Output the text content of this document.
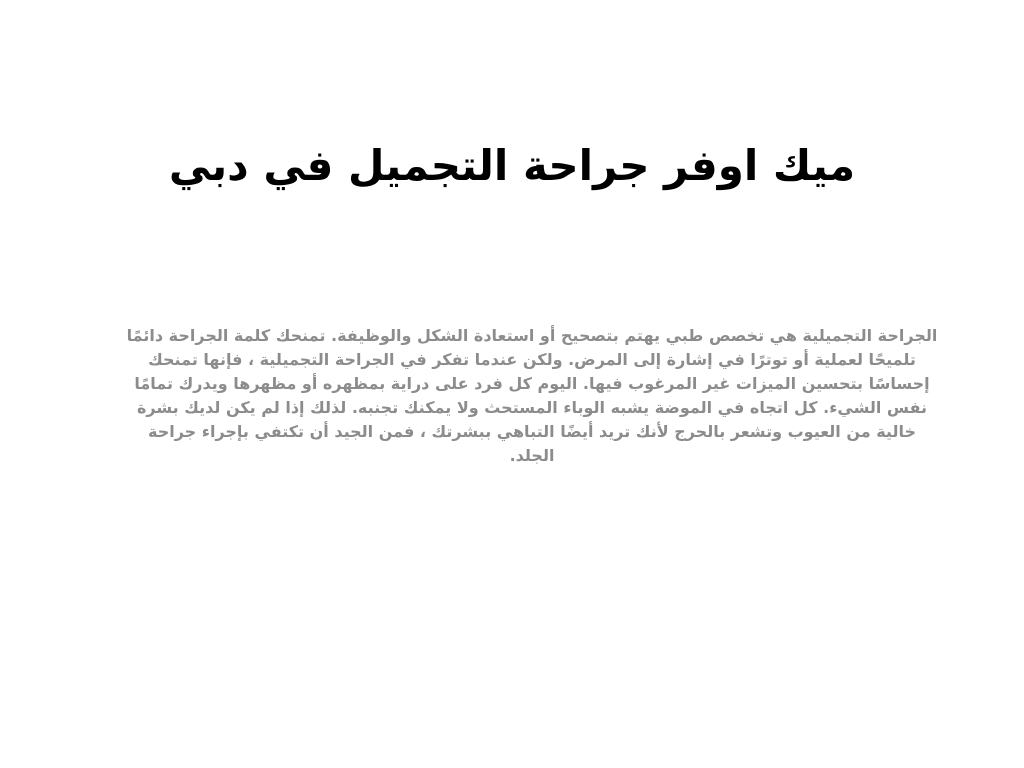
ميك اوفر جراحة التجميل في دبي

الجراحة التجميلية هي تخصص طبي يهتم بتصحيح أو استعادة الشكل والوظيفة. تمنحك كلمة الجراحة دائمًا تلميحًا لعملية أو توترًا في إشارة إلى المرض. ولكن عندما تفكر في الجراحة التجميلية ، فإنها تمنحك إحساسًا بتحسين الميزات غير المرغوب فيها. اليوم كل فرد على دراية بمظهره أو مظهرها ويدرك تمامًا نفس الشيء. كل اتجاه في الموضة يشبه الوباء المستحث ولا يمكنك تجنبه. لذلك إذا لم يكن لديك بشرة خالية من العيوب وتشعر بالحرج لأنك تريد أيضًا التباهي ببشرتك ، فمن الجيد أن تكتفي بإجراء جراحة الجلد.
